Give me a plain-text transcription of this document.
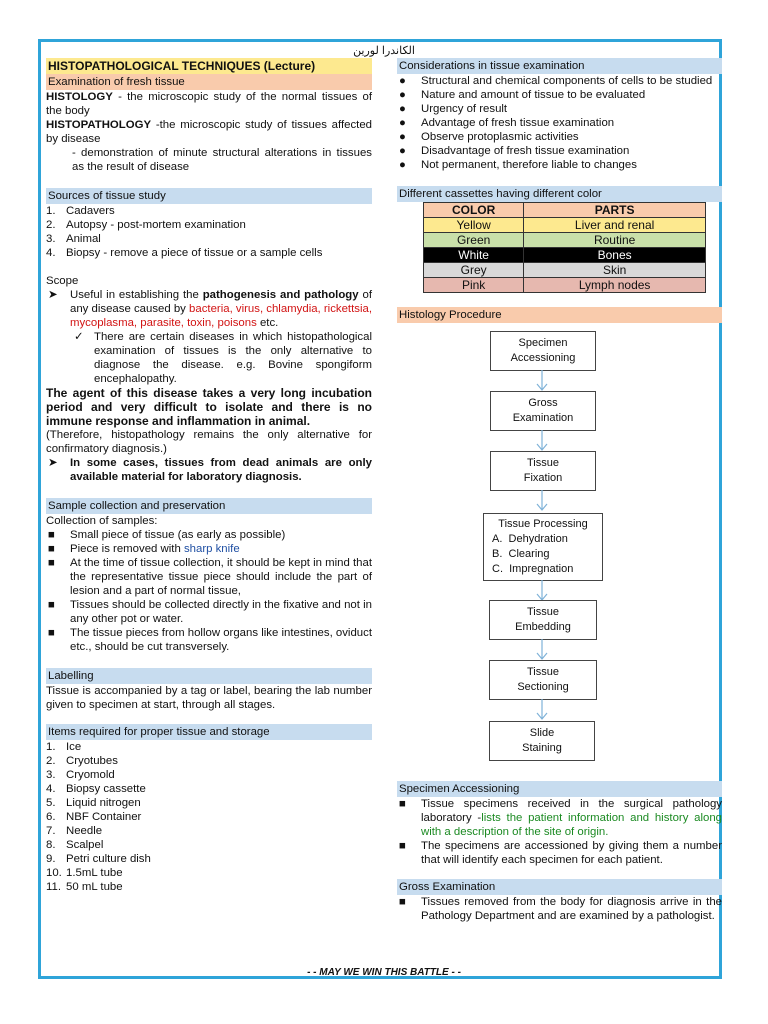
الكاندرا لورين
HISTOPATHOLOGICAL TECHNIQUES (Lecture)
Examination of fresh tissue
HISTOLOGY - the microscopic study of the normal tissues of the body
HISTOPATHOLOGY -the microscopic study of tissues affected by disease
- demonstration of minute structural alterations in tissues as the result of disease
Sources of tissue study
1. Cadavers
2. Autopsy - post-mortem examination
3. Animal
4. Biopsy - remove a piece of tissue or a sample cells
Scope
➤	Useful in establishing the pathogenesis and pathology of any disease caused by bacteria, virus, chlamydia, rickettsia, mycoplasma, parasite, toxin, poisons etc.
✓ There are certain diseases in which histopathological examination of tissues is the only alternative to diagnose the disease. e.g. Bovine spongiform encephalopathy.
The agent of this disease takes a very long incubation period and very difficult to isolate and there is no immune response and inflammation in animal.
(Therefore, histopathology remains the only alternative for confirmatory diagnosis.)
➤	In some cases, tissues from dead animals are only available material for laboratory diagnosis.
Sample collection and preservation
Collection of samples:
■	Small piece of tissue (as early as possible)
■	Piece is removed with sharp knife
■	At the time of tissue collection, it should be kept in mind that the representative tissue piece should include the part of lesion and a part of normal tissue,
■	Tissues should be collected directly in the fixative and not in any other pot or water.
■	The tissue pieces from hollow organs like intestines, oviduct etc., should be cut transversely.
Labelling
Tissue is accompanied by a tag or label, bearing the lab number given to specimen at start, through all stages.
Items required for proper tissue and storage
1. Ice
2. Cryotubes
3. Cryomold
4. Biopsy cassette
5. Liquid nitrogen
6. NBF Container
7. Needle
8. Scalpel
9. Petri culture dish
10. 1.5mL tube
11. 50 mL tube
Considerations in tissue examination
●	Structural and chemical components of cells to be studied
●	Nature and amount of tissue to be evaluated
●	Urgency of result
●	Advantage of fresh tissue examination
●	Observe protoplasmic activities
●	Disadvantage of fresh tissue examination
●	Not permanent, therefore liable to changes
Different cassettes having different color
COLOR	PARTS
Yellow	Liver and renal
Green	Routine
White	Bones
Grey	Skin
Pink	Lymph nodes
Histology Procedure
Specimen
Accessioning
Gross
Examination
Tissue
Fixation
Tissue Processing
A. Dehydration
B. Clearing
C. Impregnation
Tissue
Embedding
Tissue
Sectioning
Slide
Staining
Specimen Accessioning
■	Tissue specimens received in the surgical pathology laboratory -lists the patient information and history along with a description of the site of origin.
■	The specimens are accessioned by giving them a number that will identify each specimen for each patient.
Gross Examination
■	Tissues removed from the body for diagnosis arrive in the Pathology Department and are examined by a pathologist.
- - MAY WE WIN THIS BATTLE - -
